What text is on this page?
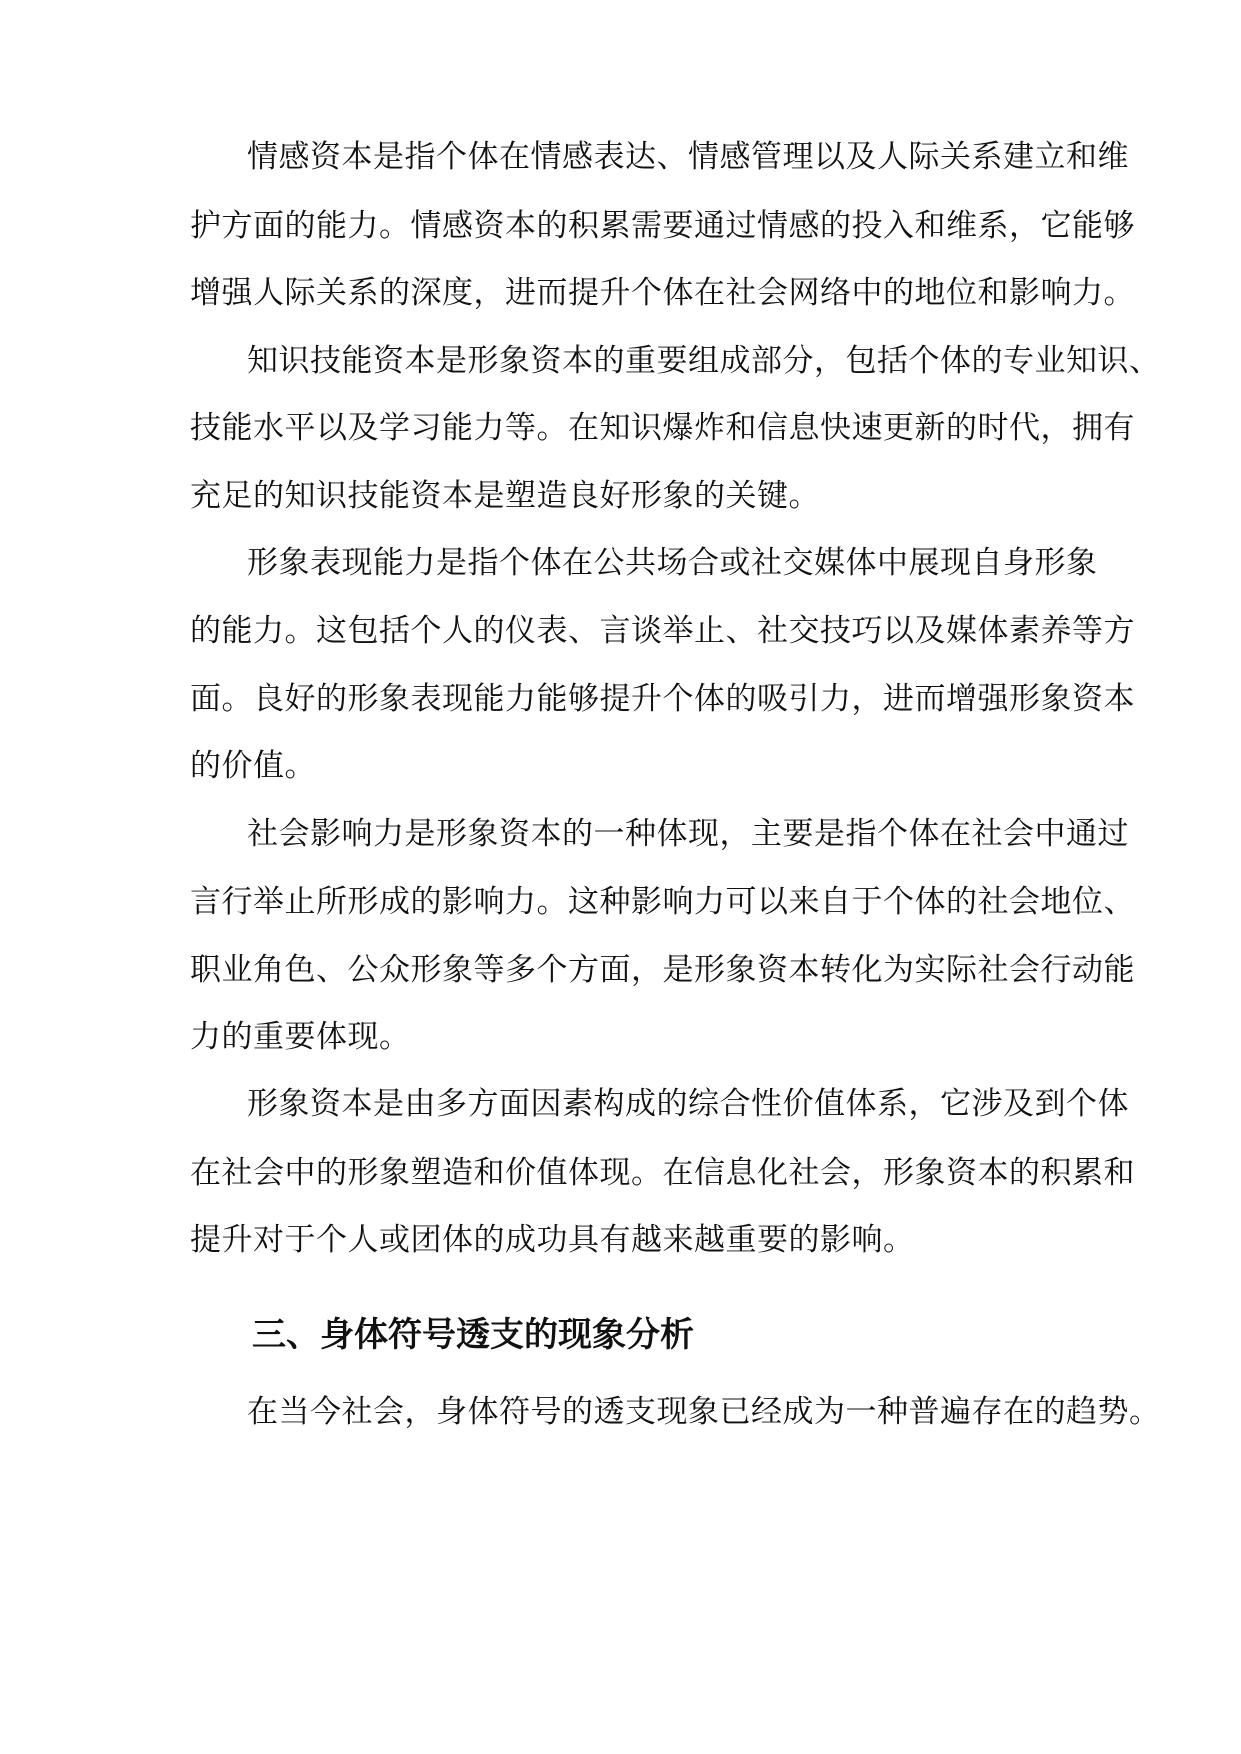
情感资本是指个体在情感表达、情感管理以及人际关系建立和维
护方面的能力。情感资本的积累需要通过情感的投入和维系，它能够
增强人际关系的深度，进而提升个体在社会网络中的地位和影响力。
知识技能资本是形象资本的重要组成部分，包括个体的专业知识、
技能水平以及学习能力等。在知识爆炸和信息快速更新的时代，拥有
充足的知识技能资本是塑造良好形象的关键。
形象表现能力是指个体在公共场合或社交媒体中展现自身形象
的能力。这包括个人的仪表、言谈举止、社交技巧以及媒体素养等方
面。良好的形象表现能力能够提升个体的吸引力，进而增强形象资本
的价值。
社会影响力是形象资本的一种体现，主要是指个体在社会中通过
言行举止所形成的影响力。这种影响力可以来自于个体的社会地位、
职业角色、公众形象等多个方面，是形象资本转化为实际社会行动能
力的重要体现。
形象资本是由多方面因素构成的综合性价值体系，它涉及到个体
在社会中的形象塑造和价值体现。在信息化社会，形象资本的积累和
提升对于个人或团体的成功具有越来越重要的影响。
三、身体符号透支的现象分析
在当今社会，身体符号的透支现象已经成为一种普遍存在的趋势。
